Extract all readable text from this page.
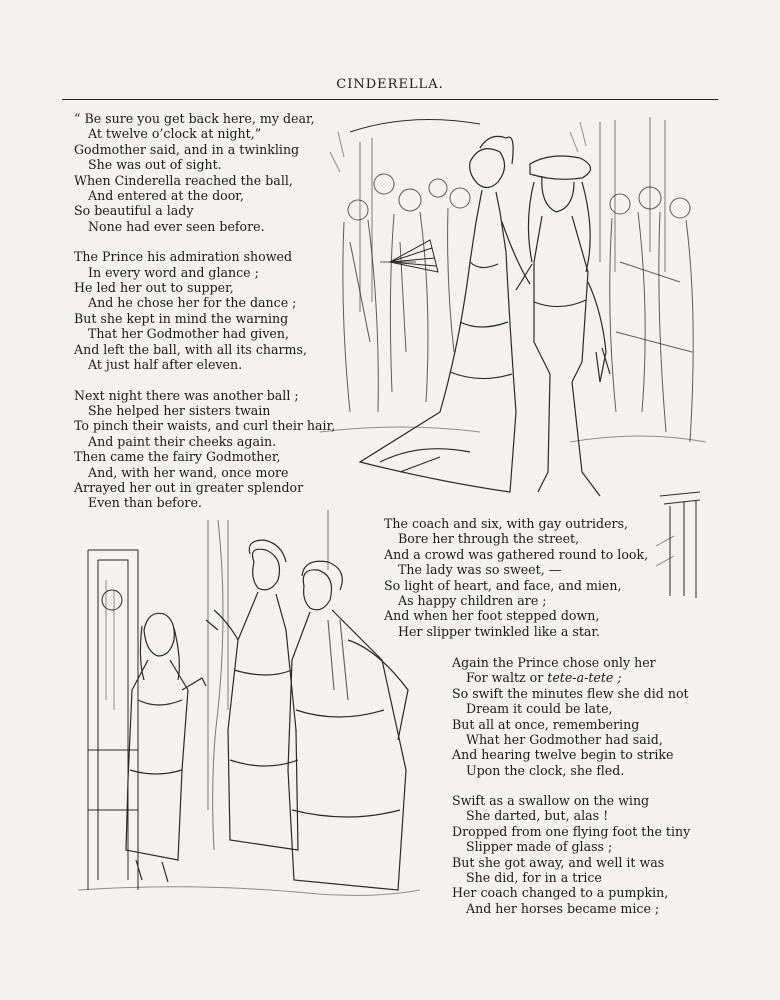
CINDERELLA.
“ Be sure you get back here, my dear,
At twelve o’clock at night,”
Godmother said, and in a twinkling
She was out of sight.
When Cinderella reached the ball,
And entered at the door,
So beautiful a lady
None had ever seen before.
The Prince his admiration showed
In every word and glance ;
He led her out to supper,
And he chose her for the dance ;
But she kept in mind the warning
That her Godmother had given,
And left the ball, with all its charms,
At just half after eleven.
Next night there was another ball ;
She helped her sisters twain
To pinch their waists, and curl their hair,
And paint their cheeks again.
Then came the fairy Godmother,
And, with her wand, once more
Arrayed her out in greater splendor
Even than before.
The coach and six, with gay outriders,
Bore her through the street,
And a crowd was gathered round to look,
The lady was so sweet, —
So light of heart, and face, and mien,
As happy children are ;
And when her foot stepped down,
Her slipper twinkled like a star.
Again the Prince chose only her
For waltz or tete-a-tete ;
So swift the minutes flew she did not
Dream it could be late,
But all at once, remembering
What her Godmother had said,
And hearing twelve begin to strike
Upon the clock, she fled.
Swift as a swallow on the wing
She darted, but, alas !
Dropped from one flying foot the tiny
Slipper made of glass ;
But she got away, and well it was
She did, for in a trice
Her coach changed to a pumpkin,
And her horses became mice ;
